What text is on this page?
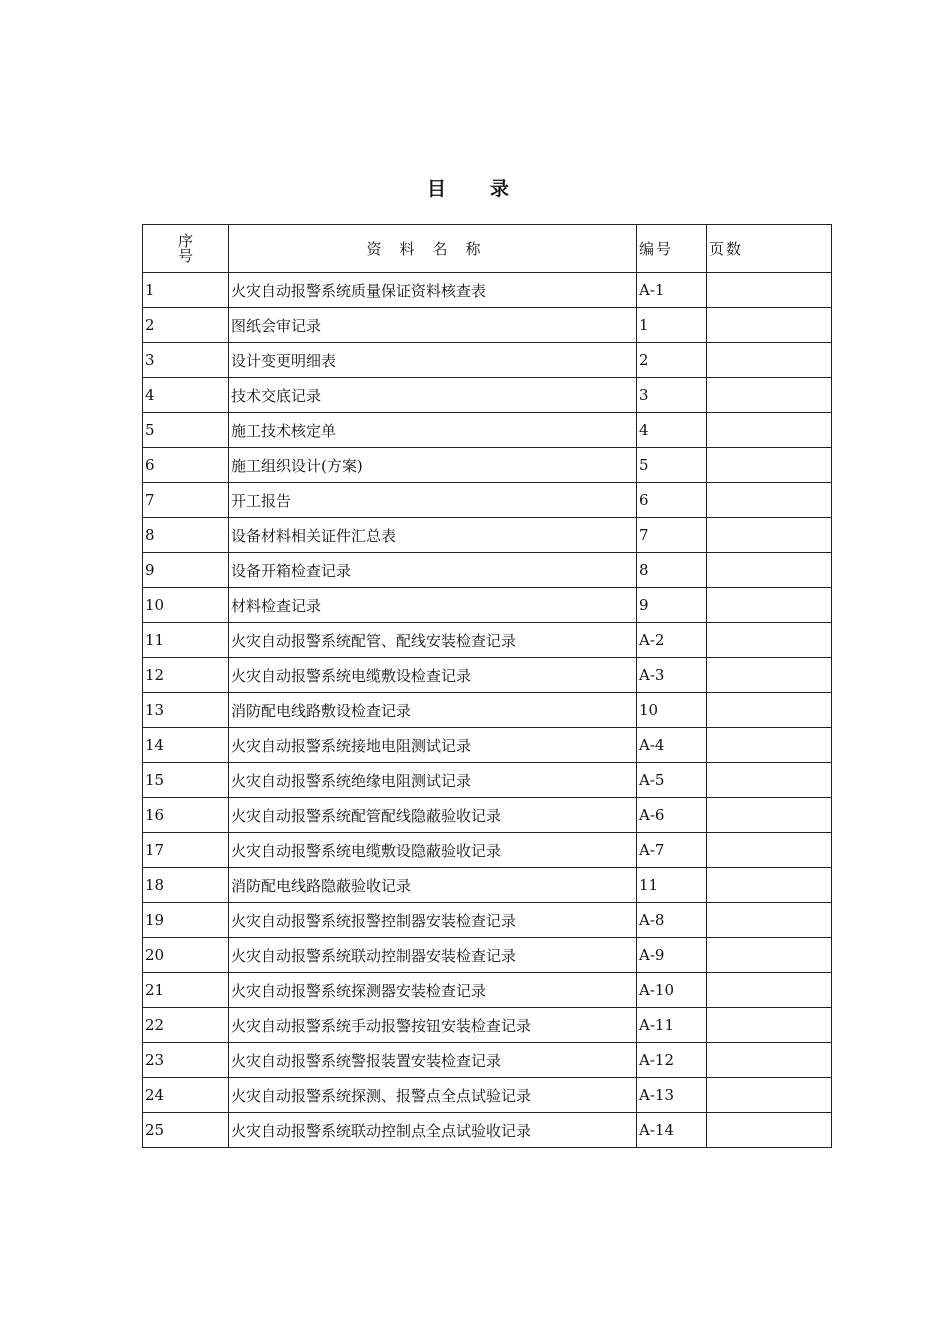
目录
序
号	资料名称	编号	页数
1	火灾自动报警系统质量保证资料核查表	A-1	
2	图纸会审记录	1	
3	设计变更明细表	2	
4	技术交底记录	3	
5	施工技术核定单	4	
6	施工组织设计(方案)	5	
7	开工报告	6	
8	设备材料相关证件汇总表	7	
9	设备开箱检查记录	8	
10	材料检查记录	9	
11	火灾自动报警系统配管、配线安装检查记录	A-2	
12	火灾自动报警系统电缆敷设检查记录	A-3	
13	消防配电线路敷设检查记录	10	
14	火灾自动报警系统接地电阻测试记录	A-4	
15	火灾自动报警系统绝缘电阻测试记录	A-5	
16	火灾自动报警系统配管配线隐蔽验收记录	A-6	
17	火灾自动报警系统电缆敷设隐蔽验收记录	A-7	
18	消防配电线路隐蔽验收记录	11	
19	火灾自动报警系统报警控制器安装检查记录	A-8	
20	火灾自动报警系统联动控制器安装检查记录	A-9	
21	火灾自动报警系统探测器安装检查记录	A-10	
22	火灾自动报警系统手动报警按钮安装检查记录	A-11	
23	火灾自动报警系统警报装置安装检查记录	A-12	
24	火灾自动报警系统探测、报警点全点试验记录	A-13	
25	火灾自动报警系统联动控制点全点试验收记录	A-14	
